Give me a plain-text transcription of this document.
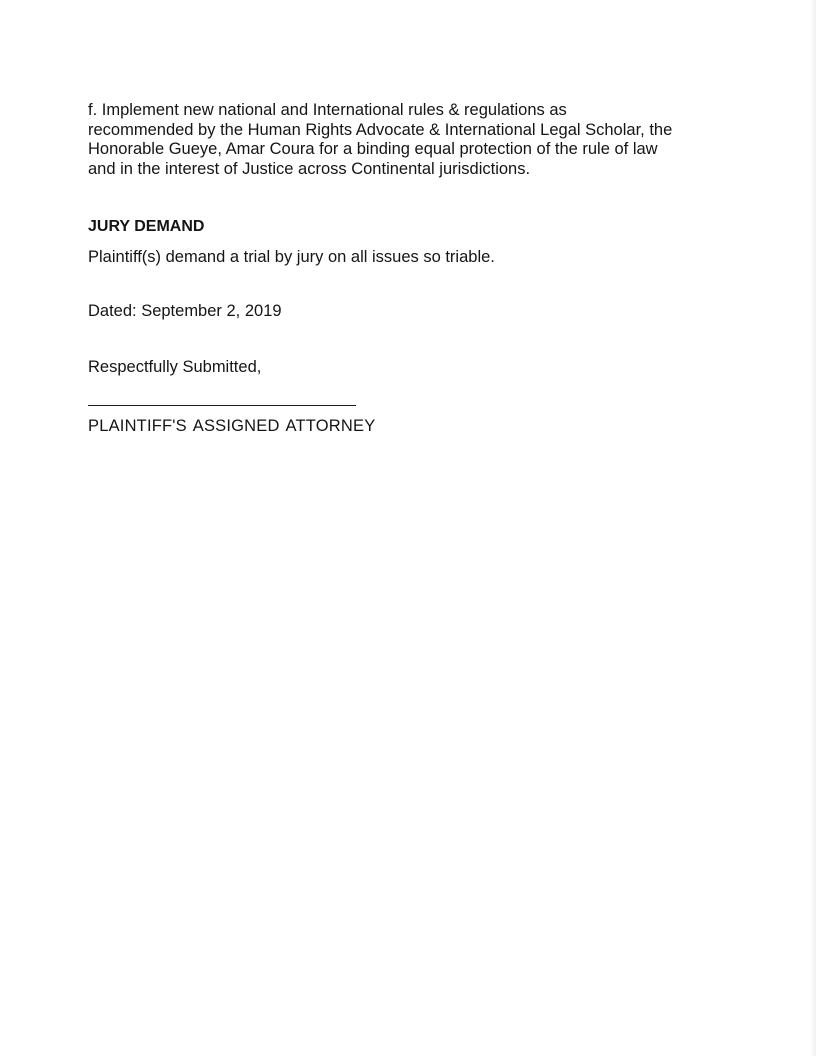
f. Implement new national and International rules & regulations as
recommended by the Human Rights Advocate & International Legal Scholar, the
Honorable Gueye, Amar Coura for a binding equal protection of the rule of law
and in the interest of Justice across Continental jurisdictions.
JURY DEMAND
Plaintiff(s) demand a trial by jury on all issues so triable.
Dated: September 2, 2019
Respectfully Submitted,
PLAINTIFF'S ASSIGNED ATTORNEY
